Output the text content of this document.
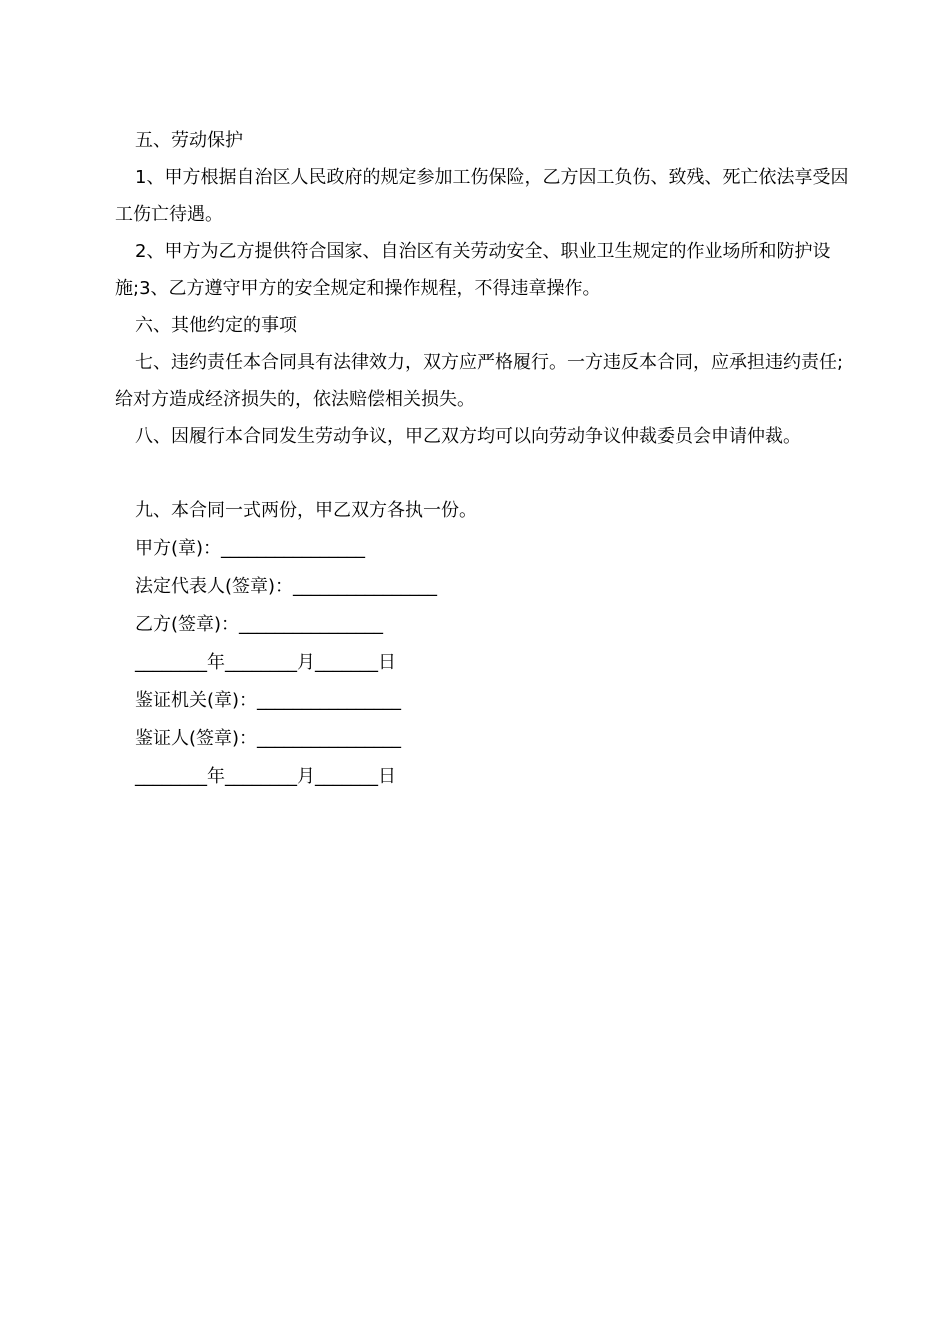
五、劳动保护

1、甲方根据自治区人民政府的规定参加工伤保险，乙方因工负伤、致残、死亡依法享受因工伤亡待遇。

2、甲方为乙方提供符合国家、自治区有关劳动安全、职业卫生规定的作业场所和防护设施;3、乙方遵守甲方的安全规定和操作规程，不得违章操作。

六、其他约定的事项

七、违约责任本合同具有法律效力，双方应严格履行。一方违反本合同，应承担违约责任;给对方造成经济损失的，依法赔偿相关损失。

八、因履行本合同发生劳动争议，甲乙双方均可以向劳动争议仲裁委员会申请仲裁。

九、本合同一式两份，甲乙双方各执一份。

甲方(章)：________________

法定代表人(签章)：________________

乙方(签章)：________________

________年________月_______日

鉴证机关(章)：________________

鉴证人(签章)：________________

________年________月_______日
